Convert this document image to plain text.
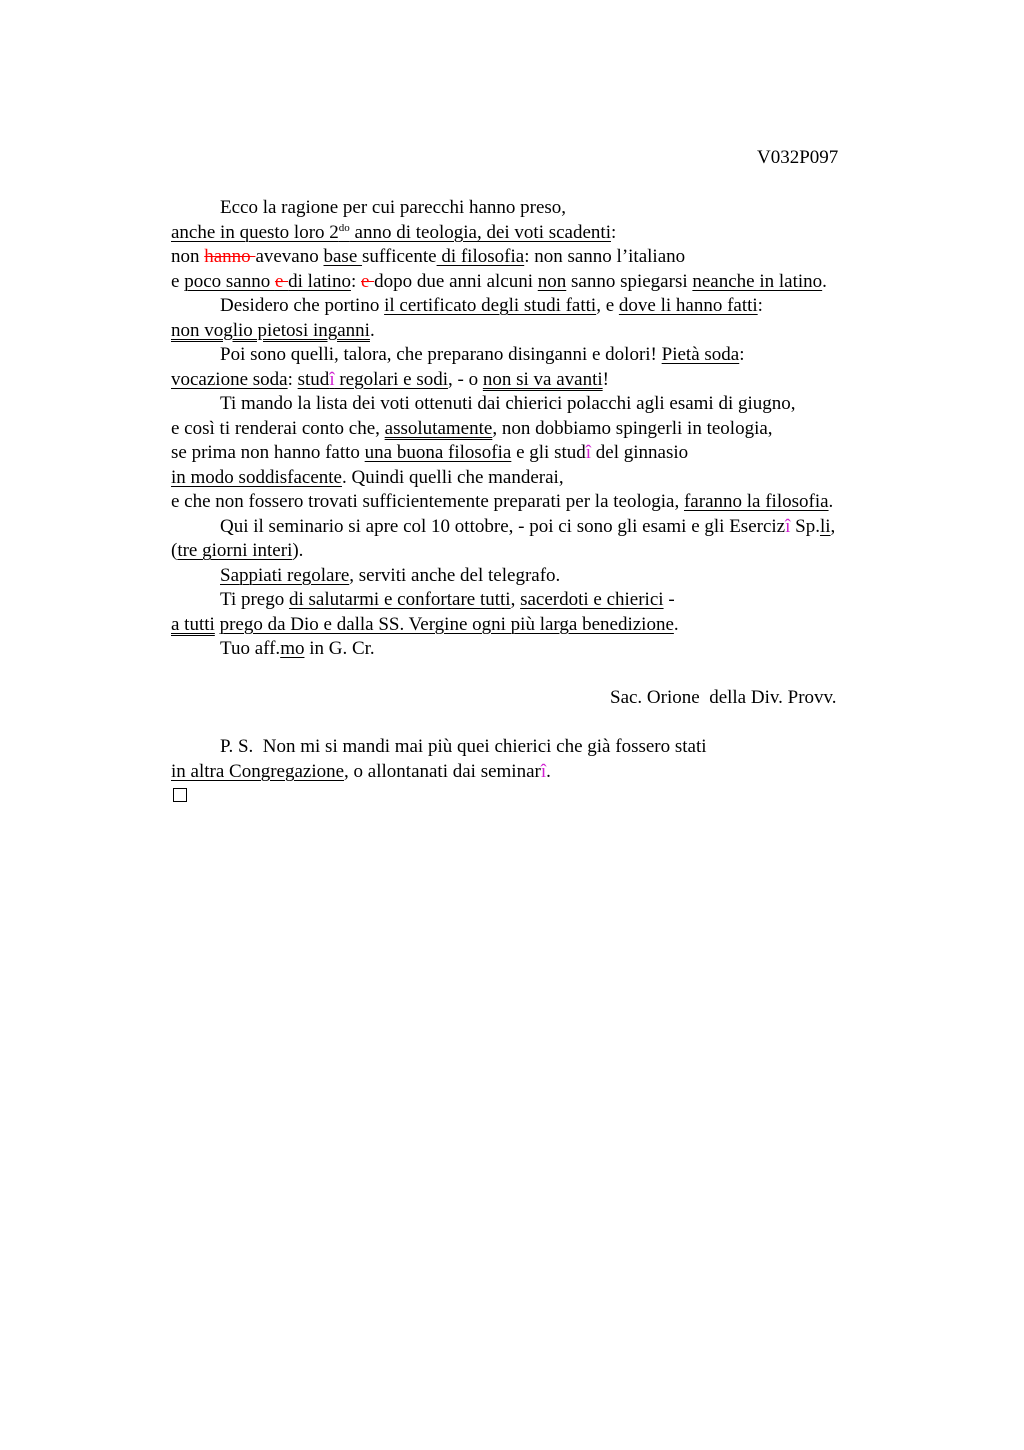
V032P097
Ecco la ragione per cui parecchi hanno preso,
anche in questo loro $2^{do}$ anno di teologia, dei voti scadenti:
non hanno avevano base sufficente di filosofia: non sanno l’italiano
e poco sanno e di latino: e dopo due anni alcuni non sanno spiegarsi neanche in latino.
Desidero che portino il certificato degli studi fatti, e dove li hanno fatti:
non voglio pietosi inganni.
Poi sono quelli, talora, che preparano disinganni e dolori! Pietà soda:
vocazione soda: studî regolari e sodi, - o non si va avanti!
Ti mando la lista dei voti ottenuti dai chierici polacchi agli esami di giugno,
e così ti renderai conto che, assolutamente, non dobbiamo spingerli in teologia,
se prima non hanno fatto una buona filosofia e gli studî del ginnasio
in modo soddisfacente. Quindi quelli che manderai,
e che non fossero trovati sufficientemente preparati per la teologia, faranno la filosofia.
Qui il seminario si apre col 10 ottobre, - poi ci sono gli esami e gli Esercizî Sp.li,
(tre giorni interi).
Sappiati regolare, serviti anche del telegrafo.
Ti prego di salutarmi e confortare tutti, sacerdoti e chierici -
a tutti prego da Dio e dalla SS. Vergine ogni più larga benedizione.
Tuo aff.mo in G. Cr.
Sac. Orione  della Div. Provv.
P. S.  Non mi si mandi mai più quei chierici che già fossero stati
in altra Congregazione, o allontanati dai seminarî.
